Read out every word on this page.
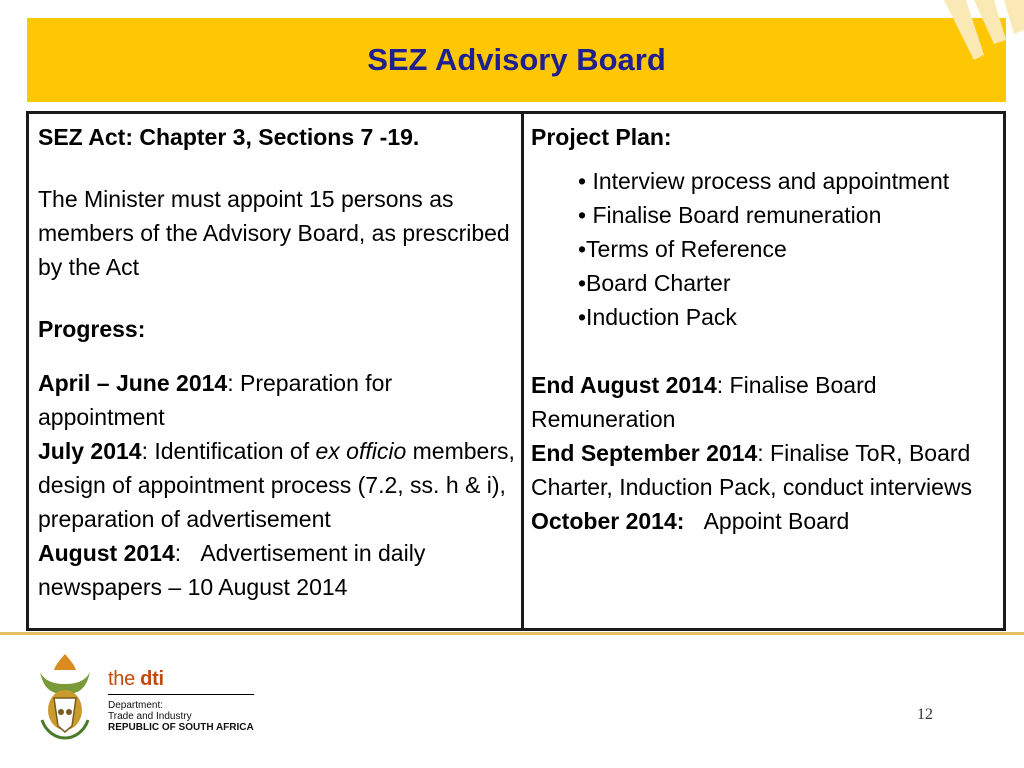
SEZ Advisory Board

SEZ Act: Chapter 3, Sections 7 -19.

The Minister must appoint 15 persons as members of the Advisory Board, as prescribed by the Act

Progress:

April – June 2014: Preparation for appointment

July 2014: Identification of ex officio members, design of appointment process (7.2, ss. h & i), preparation of advertisement

August 2014:   Advertisement in daily newspapers – 10 August 2014

Project Plan:

• Interview process and appointment
• Finalise Board remuneration
•Terms of Reference
•Board Charter
•Induction Pack

End August 2014: Finalise Board Remuneration

End September 2014: Finalise ToR, Board Charter, Induction Pack, conduct interviews

October 2014: Appoint Board

the dti
Department:
Trade and Industry
REPUBLIC OF SOUTH AFRICA
12
